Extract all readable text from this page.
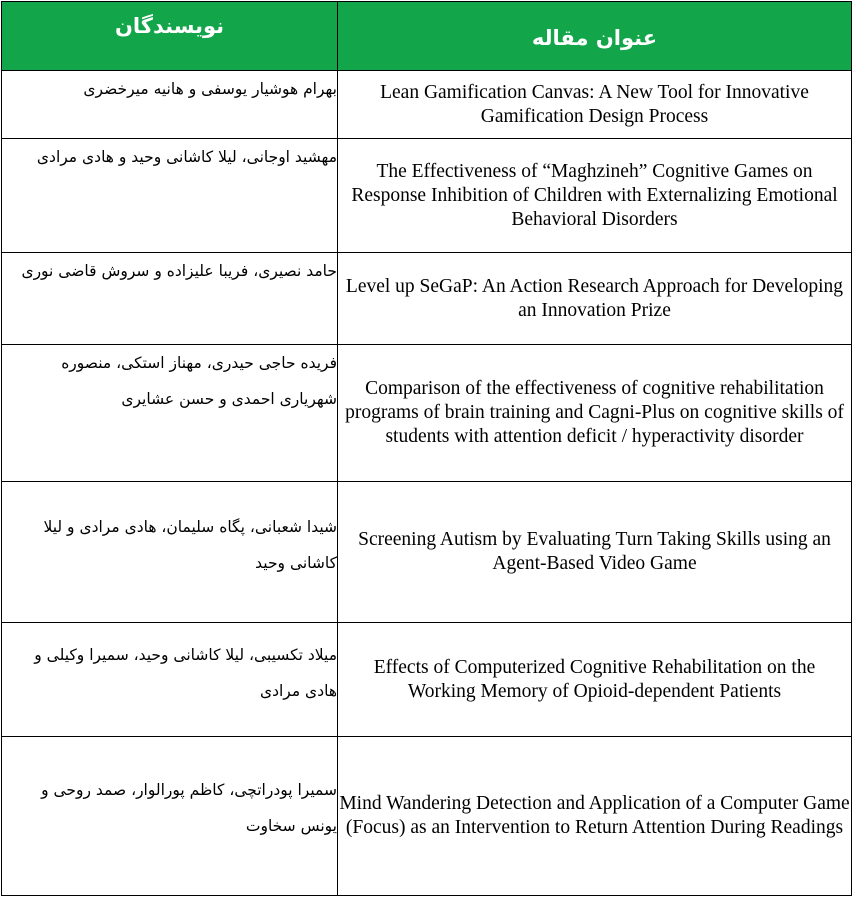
نویسندگان	عنوان مقاله
بهرام هوشیار یوسفی و هانیه میرخضری	Lean Gamification Canvas: A New Tool for Innovative Gamification Design Process
مهشید اوجانی، لیلا کاشانی وحید و هادی مرادی	The Effectiveness of “Maghzineh” Cognitive Games on Response Inhibition of Children with Externalizing Emotional Behavioral Disorders
حامد نصیری، فریبا علیزاده و سروش قاضی نوری	Level up SeGaP: An Action Research Approach for Developing an Innovation Prize
فریده حاجی حیدری، مهناز استکی، منصوره شهریاری احمدی و حسن عشایری	Comparison of the effectiveness of cognitive rehabilitation programs of brain training and Cagni-Plus on cognitive skills of students with attention deficit / hyperactivity disorder
شیدا شعبانی، پگاه سلیمان، هادی مرادی و لیلا کاشانی وحید	Screening Autism by Evaluating Turn Taking Skills using an Agent-Based Video Game
میلاد تکسیبی، لیلا کاشانی وحید، سمیرا وکیلی و هادی مرادی	Effects of Computerized Cognitive Rehabilitation on the Working Memory of Opioid-dependent Patients
سمیرا پودراتچی، کاظم پورالوار، صمد روحی و یونس سخاوت	Mind Wandering Detection and Application of a Computer Game (Focus) as an Intervention to Return Attention During Readings
